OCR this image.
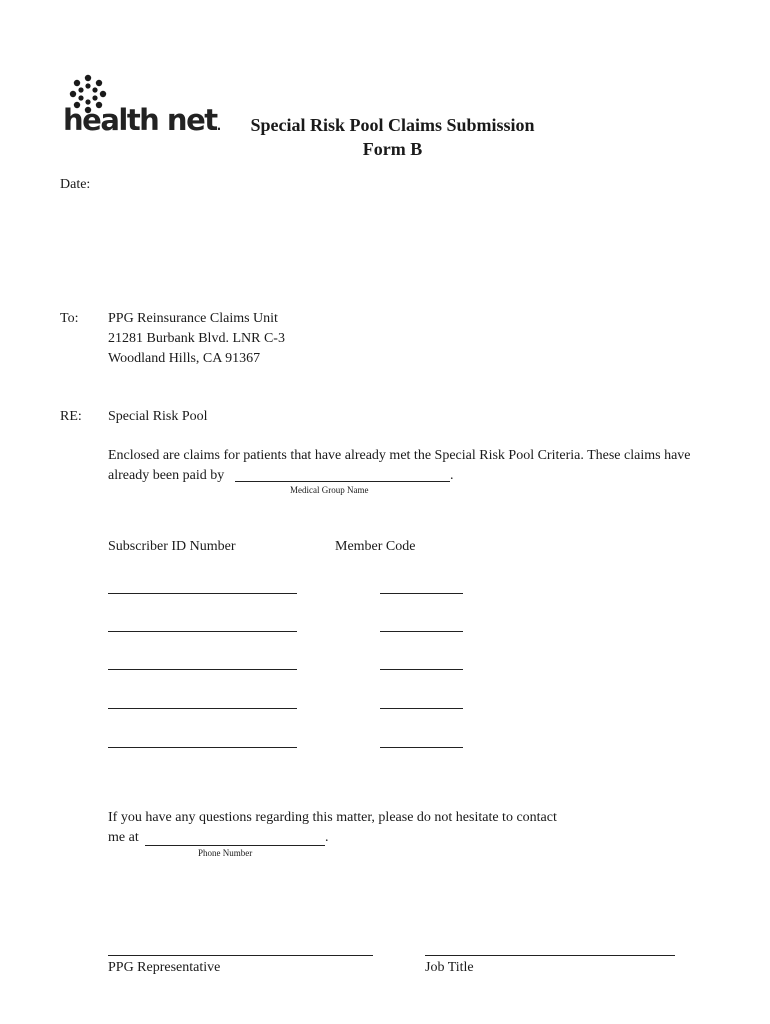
health net.	Special Risk Pool Claims Submission
Form B
Date:
To: PPG Reinsurance Claims Unit
21281 Burbank Blvd. LNR C-3
Woodland Hills, CA 91367
RE: Special Risk Pool
Enclosed are claims for patients that have already met the Special Risk Pool Criteria. These claims have
already been paid by	.
Medical Group Name
Subscriber ID Number	Member Code
If you have any questions regarding this matter, please do not hesitate to contact
me at	.
Phone Number
PPG Representative	Job Title
